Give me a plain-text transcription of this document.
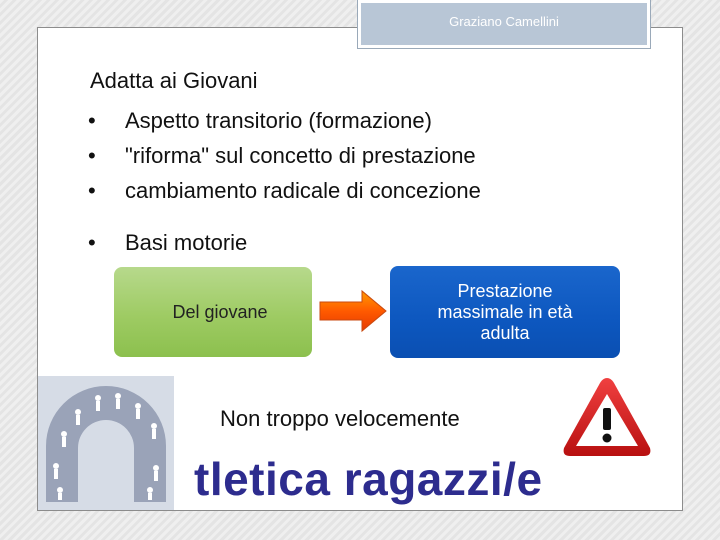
Graziano Camellini
Adatta ai Giovani
• Aspetto transitorio (formazione)
• "riforma" sul concetto di prestazione
• cambiamento radicale di concezione
• Basi motorie
Del giovane
Prestazione
massimale in età
adulta
Non troppo velocemente
tletica ragazzi/e
